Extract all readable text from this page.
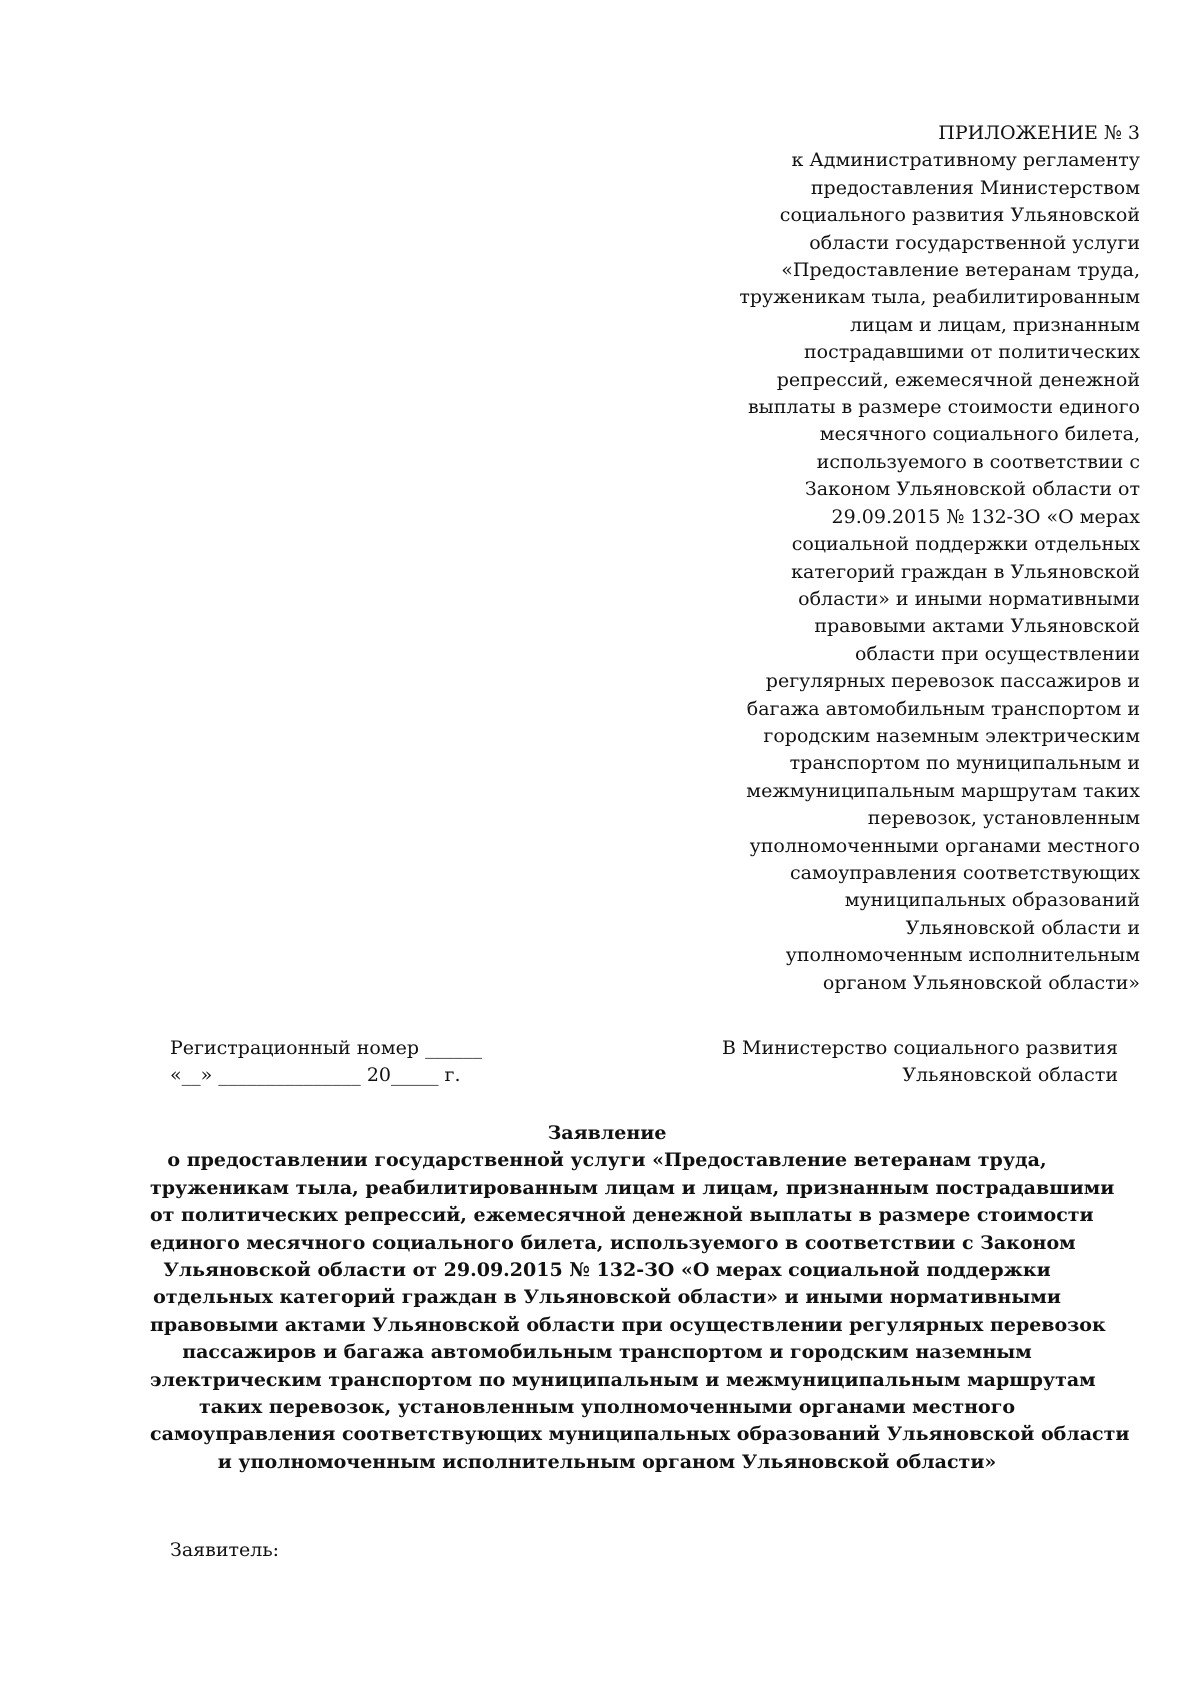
ПРИЛОЖЕНИЕ № 3
к Административному регламенту
предоставления Министерством
социального развития Ульяновской
области государственной услуги
«Предоставление ветеранам труда,
труженикам тыла, реабилитированным
лицам и лицам, признанным
пострадавшими от политических
репрессий, ежемесячной денежной
выплаты в размере стоимости единого
месячного социального билета,
используемого в соответствии с
Законом Ульяновской области от
29.09.2015 № 132-ЗО «О мерах
социальной поддержки отдельных
категорий граждан в Ульяновской
области» и иными нормативными
правовыми актами Ульяновской
области при осуществлении
регулярных перевозок пассажиров и
багажа автомобильным транспортом и
городским наземным электрическим
транспортом по муниципальным и
межмуниципальным маршрутам таких
перевозок, установленным
уполномоченными органами местного
самоуправления соответствующих
муниципальных образований
Ульяновской области и
уполномоченным исполнительным
органом Ульяновской области»
Регистрационный номер ______
«__» _______________ 20_____ г.
В Министерство социального развития
Ульяновской области
Заявление
о предоставлении государственной услуги «Предоставление ветеранам труда,
труженикам тыла, реабилитированным лицам и лицам, признанным пострадавшими
от политических репрессий, ежемесячной денежной выплаты в размере стоимости
единого месячного социального билета, используемого в соответствии с Законом
Ульяновской области от 29.09.2015 № 132-ЗО «О мерах социальной поддержки
отдельных категорий граждан в Ульяновской области» и иными нормативными
правовыми актами Ульяновской области при осуществлении регулярных перевозок
пассажиров и багажа автомобильным транспортом и городским наземным
электрическим транспортом по муниципальным и межмуниципальным маршрутам
таких перевозок, установленным уполномоченными органами местного
самоуправления соответствующих муниципальных образований Ульяновской области
и уполномоченным исполнительным органом Ульяновской области»
Заявитель:
